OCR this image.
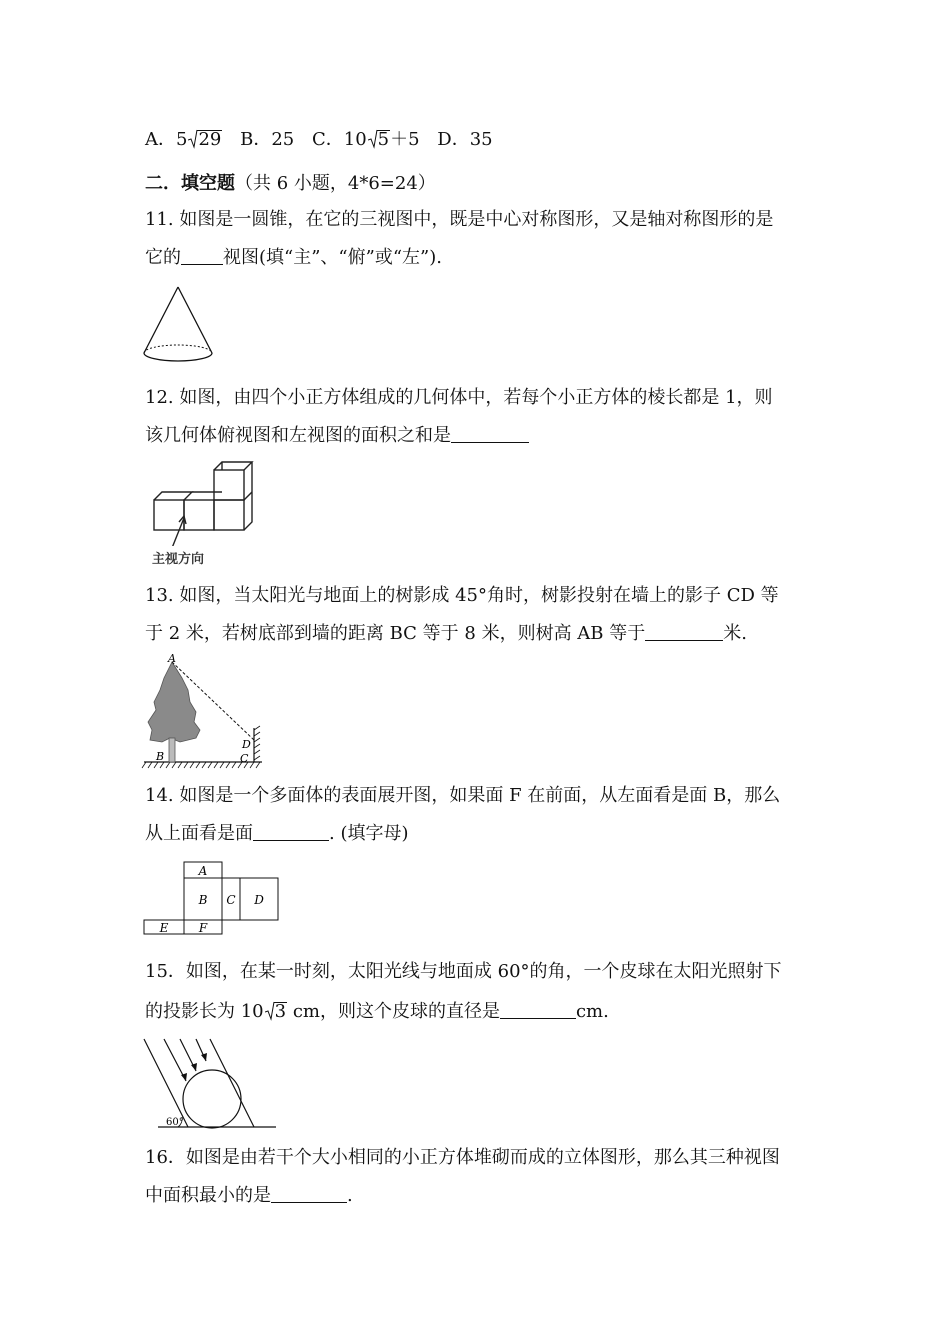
A．5 29 B．25 C．10 5＋5 D．35
二．填空题（共 6 小题，4*6=24）
11. 如图是一圆锥，在它的三视图中，既是中心对称图形，又是轴对称图形的是
它的 视图(填“主”、“俯”或“左”).
12. 如图，由四个小正方体组成的几何体中，若每个小正方体的棱长都是 1，则
该几何体俯视图和左视图的面积之和是
主视方向
13. 如图，当太阳光与地面上的树影成 45°角时，树影投射在墙上的影子 CD 等
于 2 米，若树底部到墙的距离 BC 等于 8 米，则树高 AB 等于	米.
A
B	C
D
14. 如图是一个多面体的表面展开图，如果面 F 在前面，从左面看是面 B，那么
从上面看是面	. (填字母)
A
B C D
E	F
15．如图，在某一时刻，太阳光线与地面成 60°的角，一个皮球在太阳光照射下
的投影长为 10 3 cm，则这个皮球的直径是	cm.
60°
16．如图是由若干个大小相同的小正方体堆砌而成的立体图形，那么其三种视图
中面积最小的是	.
